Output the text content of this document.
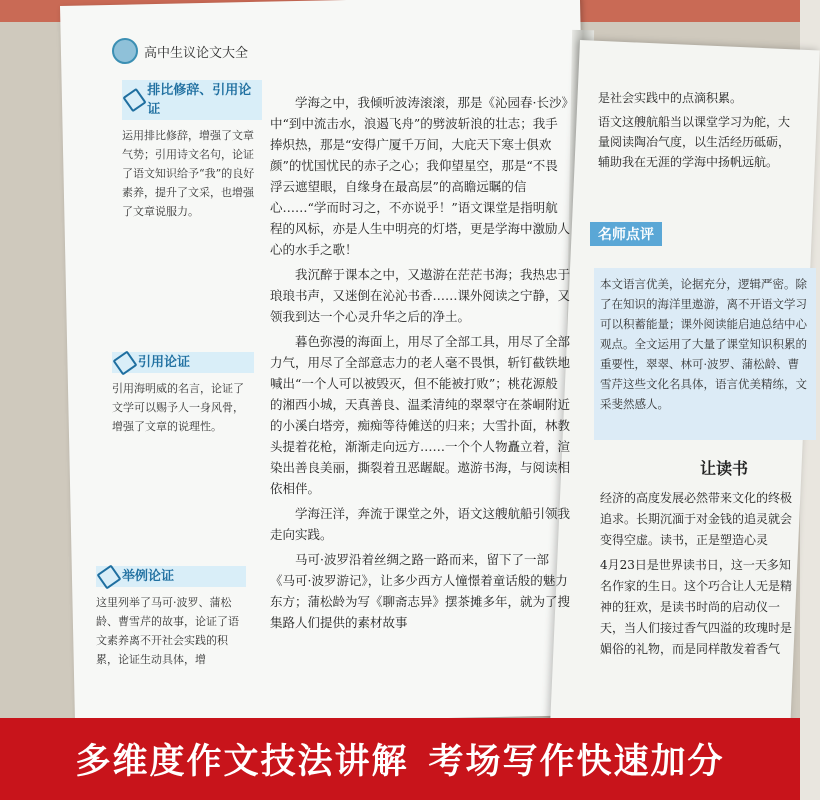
高中生议论文大全
排比修辞、引用论证
运用排比修辞，增强了文章气势；引用诗文名句，论证了语文知识给予“我”的良好素养，提升了文采，也增强了文章说服力。
引用论证
引用海明威的名言，论证了文学可以赐予人一身风骨，增强了文章的说理性。
举例论证
这里列举了马可·波罗、蒲松龄、曹雪芹的故事，论证了语文素养离不开社会实践的积累，论证生动具体，增

学海之中，我倾听波涛滚滚，那是《沁园春·长沙》中“到中流击水，浪遏飞舟”的劈波斩浪的壮志；我手捧炽热，那是“安得广厦千万间，大庇天下寒士俱欢颜”的忧国忧民的赤子之心；我仰望星空，那是“不畏浮云遮望眼，自缘身在最高层”的高瞻远瞩的信心……“学而时习之，不亦说乎！”语文课堂是指明航程的风标，亦是人生中明亮的灯塔，更是学海中激励人心的水手之歌！

我沉醉于课本之中，又遨游在茫茫书海；我热忠于琅琅书声，又迷倒在沁沁书香……课外阅读之宁静，又领我到达一个心灵升华之后的净土。

暮色弥漫的海面上，用尽了全部工具，用尽了全部力气，用尽了全部意志力的老人毫不畏惧，斩钉截铁地喊出“一个人可以被毁灭，但不能被打败”；桃花源般的湘西小城，天真善良、温柔清纯的翠翠守在茶峒附近的小溪白塔旁，痴痴等待傩送的归来；大雪扑面，林教头提着花枪，渐渐走向远方……一个个人物矗立着，渲染出善良美丽，撕裂着丑恶龌龊。遨游书海，与阅读相依相伴。

学海汪洋，奔流于课堂之外，语文这艘航船引领我走向实践。

马可·波罗沿着丝绸之路一路而来，留下了一部《马可·波罗游记》，让多少西方人憧憬着童话般的魅力东方；蒲松龄为写《聊斋志异》摆茶摊多年，就为了搜集路人们提供的素材故事

是社会实践中的点滴积累。

语文这艘航船当以课堂学习为舵，大量阅读陶冶气度，以生活经历砥砺，辅助我在无涯的学海中扬帆远航。

名师点评
本文语言优美，论据充分，逻辑严密。除了在知识的海洋里遨游，离不开语文学习可以积蓄能量；课外阅读能启迪总结中心观点。全文运用了大量了课堂知识积累的重要性，翠翠、林可·波罗、蒲松龄、曹雪芹这些文化名具体，语言优美精练，文采斐然感人。
让读书

经济的高度发展必然带来文化的终极追求。长期沉湎于对金钱的追灵就会变得空虚。读书，正是塑造心灵

4月23日是世界读书日，这一天多知名作家的生日。这个巧合让人无是精神的狂欢，是读书时尚的启动仪一天，当人们接过香气四溢的玫瑰时是媚俗的礼物，而是同样散发着香气

多维度作文技法讲解 考场写作快速加分
